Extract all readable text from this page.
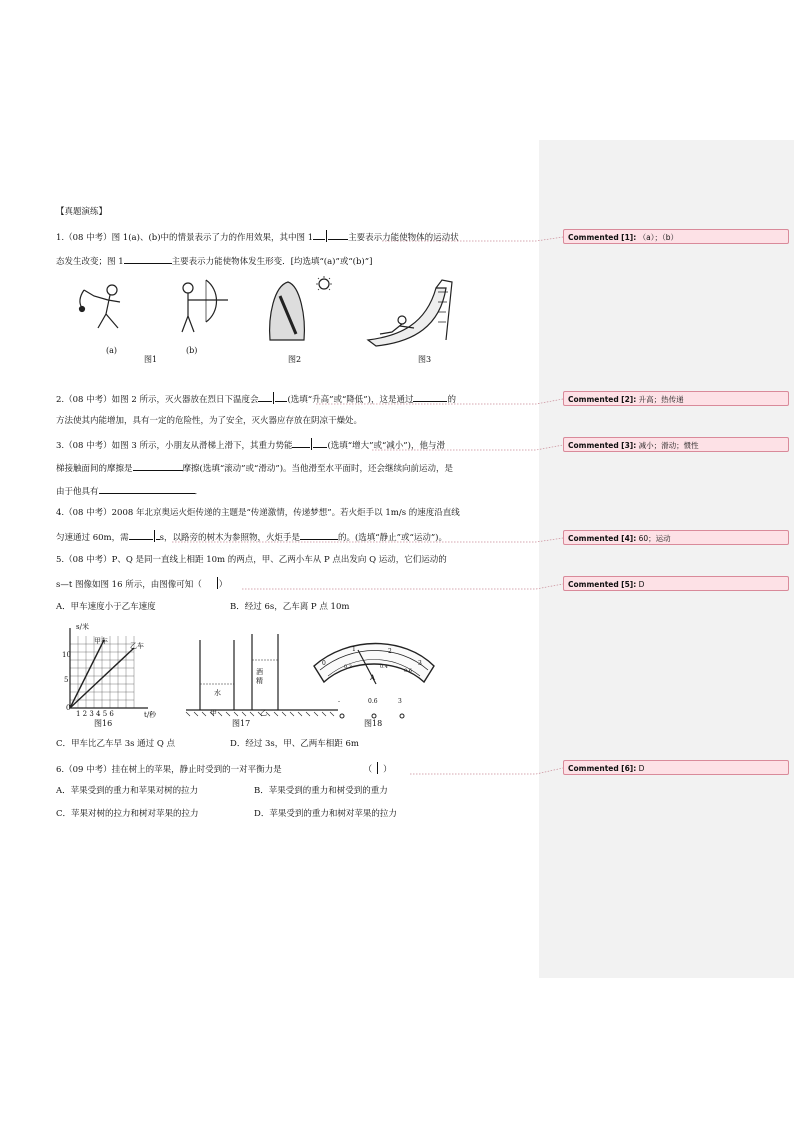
【真题演练】
1.（08 中考）图 1(a)、(b)中的情景表示了力的作用效果，其中图 1	主要表示力能使物体的运动状
态发生改变；图 1	主要表示力能使物体发生形变．[均选填“(a)”或“(b)”]
(a)	(b)
图1	图2	图3
2.（08 中考）如图 2 所示，灭火器放在烈日下温度会	(选填“升高”或“降低”)，这是通过	的
方法使其内能增加，具有一定的危险性，为了安全，灭火器应存放在阴凉干燥处。
3.（08 中考）如图 3 所示，小朋友从滑梯上滑下，其重力势能	(选填“增大”或“减小”)，他与滑
梯接触面间的摩擦是	摩擦(选填“滚动”或“滑动”)。当他滑至水平面时，还会继续向前运动，是
由于他具有	．
4.（08 中考）2008 年北京奥运火炬传递的主题是“传递激情，传递梦想”。若火炬手以 1m/s 的速度沿直线
匀速通过 60m，需	s，以路旁的树木为参照物，火炬手是	的。(选填“静止”或“运动”)。
5.（08 中考）P、Q 是同一直线上相距 10m 的两点，甲、乙两小车从 P 点出发向 Q 运动，它们运动的
s—t 图像如图 16 所示，由图像可知（ ）
A．甲车速度小于乙车速度	B．经过 6s，乙车离 P 点 10m
s/米
甲车
乙车
10
5
0
1 2 3 4 5 6	t/秒
图16
水
酒精
甲	乙
图17
0
1	2
3
0.2	0.4
0.6
A
-	0.6	3
图18
C．甲车比乙车早 3s 通过 Q 点	D．经过 3s，甲、乙两车相距 6m
6.（09 中考）挂在树上的苹果，静止时受到的一对平衡力是	（ ）
A．苹果受到的重力和苹果对树的拉力	B．苹果受到的重力和树受到的重力
C．苹果对树的拉力和树对苹果的拉力	D．苹果受到的重力和树对苹果的拉力
Commented [1]: （a）；（b）
Commented [2]: 升高；热传递
Commented [3]: 减小；滑动；惯性
Commented [4]: 60；运动
Commented [5]: D
Commented [6]: D
